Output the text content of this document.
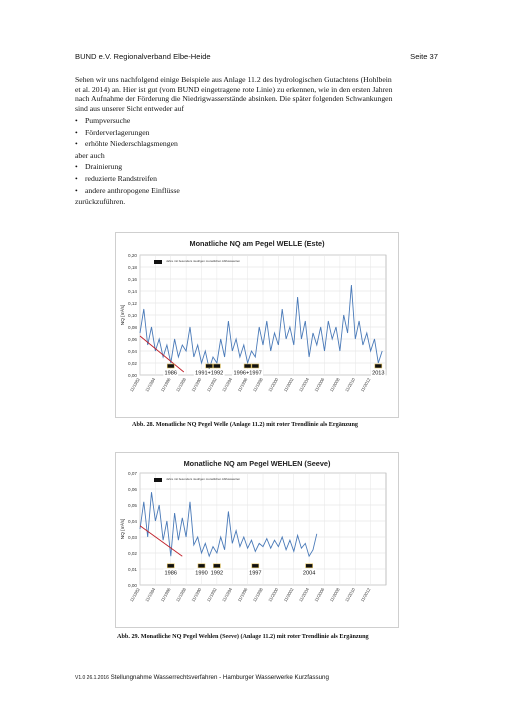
BUND e.V. Regionalverband Elbe-Heide	Seite 37
Sehen wir uns nachfolgend einige Beispiele aus Anlage 11.2 des hydrologischen Gutachtens (Hohlbein
et al. 2014) an. Hier ist gut (vom BUND eingetragene rote Linie) zu erkennen, wie in den ersten Jahren
nach Aufnahme der Förderung die Niedrigwasserstände absinken. Die später folgenden Schwankungen
sind aus unserer Sicht entweder auf
• Pumpversuche
• Förderverlagerungen
• erhöhte Niederschlagsmengen
aber auch
• Drainierung
• reduzierte Randstreifen
• andere anthropogene Einflüsse
zurückzuführen.
Monatliche NQ am Pegel WELLE (Este)
0,20
0,18
0,16
0,14
0,12
0,10
0,08
0,06
0,04
0,02
0,00
11/1982 11/1984 11/1986 11/1988 11/1990 11/1992 11/1994 11/1996 11/1998 11/2000 11/2002 11/2004 11/2006 11/2008 11/2010 11/2012
NQ [m³/s]
Jahre mit besonders niedrigen monatlichen Abflusswerten
1986	1991+1992 1996+1997	2013
Abb. 28. Monatliche NQ Pegel Welle (Anlage 11.2) mit roter Trendlinie als Ergänzung
Monatliche NQ am Pegel WEHLEN (Seeve)
0,07
0,06
0,05
0,04
0,03
0,02
0,01
0,00
11/1982 11/1984 11/1986 11/1988 11/1990 11/1992 11/1994 11/1996 11/1998 11/2000 11/2002 11/2004 11/2006 11/2008 11/2010 11/2012
NQ [m³/s]
Jahre mit besonders niedrigen monatlichen Abflusswerten
1986	1990 1992	1997	2004
Abb. 29. Monatliche NQ Pegel Wehlen (Seeve) (Anlage 11.2) mit roter Trendlinie als Ergänzung
V1.0 26.1.2016 Stellungnahme Wasserrechtsverfahren - Hamburger Wasserwerke Kurzfassung
